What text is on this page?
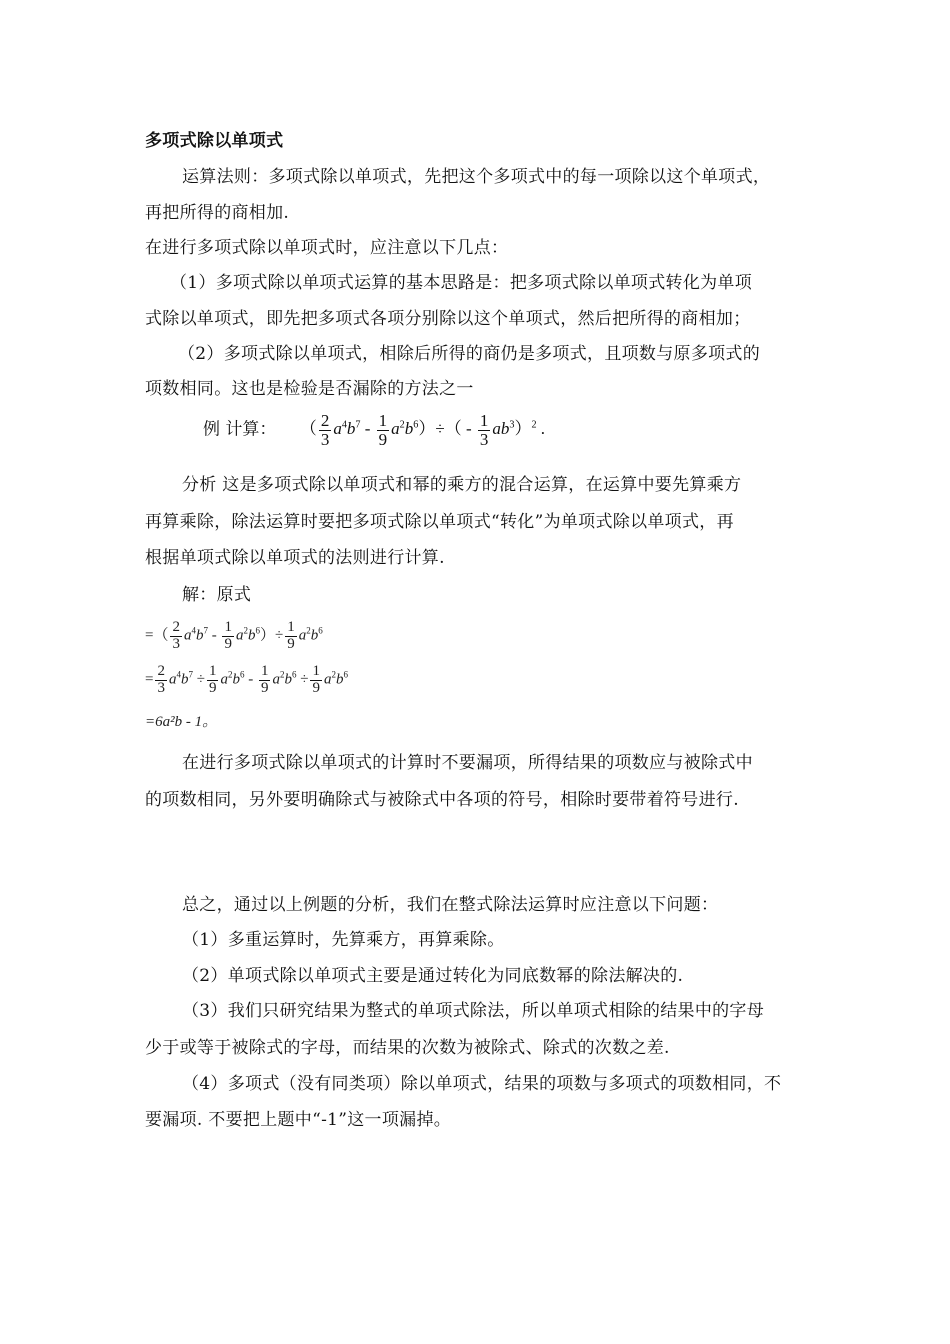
多项式除以单项式
运算法则：多项式除以单项式，先把这个多项式中的每一项除以这个单项式，
再把所得的商相加.
在进行多项式除以单项式时，应注意以下几点：
（1）多项式除以单项式运算的基本思路是：把多项式除以单项式转化为单项
式除以单项式，即先把多项式各项分别除以这个单项式，然后把所得的商相加；
（2）多项式除以单项式，相除后所得的商仍是多项式，且项数与原多项式的
项数相同。这也是检验是否漏除的方法之一
例 计算： （ $\frac{2}{3} a^4b^7 - \frac{1}{9} a^2b^6)\div( - \frac{1}{3} ab^3)^2$ .
分析 这是多项式除以单项式和幂的乘方的混合运算，在运算中要先算乘方
再算乘除，除法运算时要把多项式除以单项式“转化”为单项式除以单项式，再
根据单项式除以单项式的法则进行计算.
解：原式
=（ $\frac{2}{3} a^4b^7 - \frac{1}{9} a^2b^6)\div \frac{1}{9} a^2b^6$
= $\frac{2}{3} a^4b^7 \div \frac{1}{9} a^2b^6 - \frac{1}{9} a^2b^6 \div \frac{1}{9} a^2b^6$
=6a²b - 1。
在进行多项式除以单项式的计算时不要漏项，所得结果的项数应与被除式中
的项数相同，另外要明确除式与被除式中各项的符号，相除时要带着符号进行.
总之，通过以上例题的分析，我们在整式除法运算时应注意以下问题：
（1）多重运算时，先算乘方，再算乘除。
（2）单项式除以单项式主要是通过转化为同底数幂的除法解决的.
（3）我们只研究结果为整式的单项式除法，所以单项式相除的结果中的字母
少于或等于被除式的字母，而结果的次数为被除式、除式的次数之差.
（4）多项式（没有同类项）除以单项式，结果的项数与多项式的项数相同，不
要漏项. 不要把上题中“-1”这一项漏掉。
